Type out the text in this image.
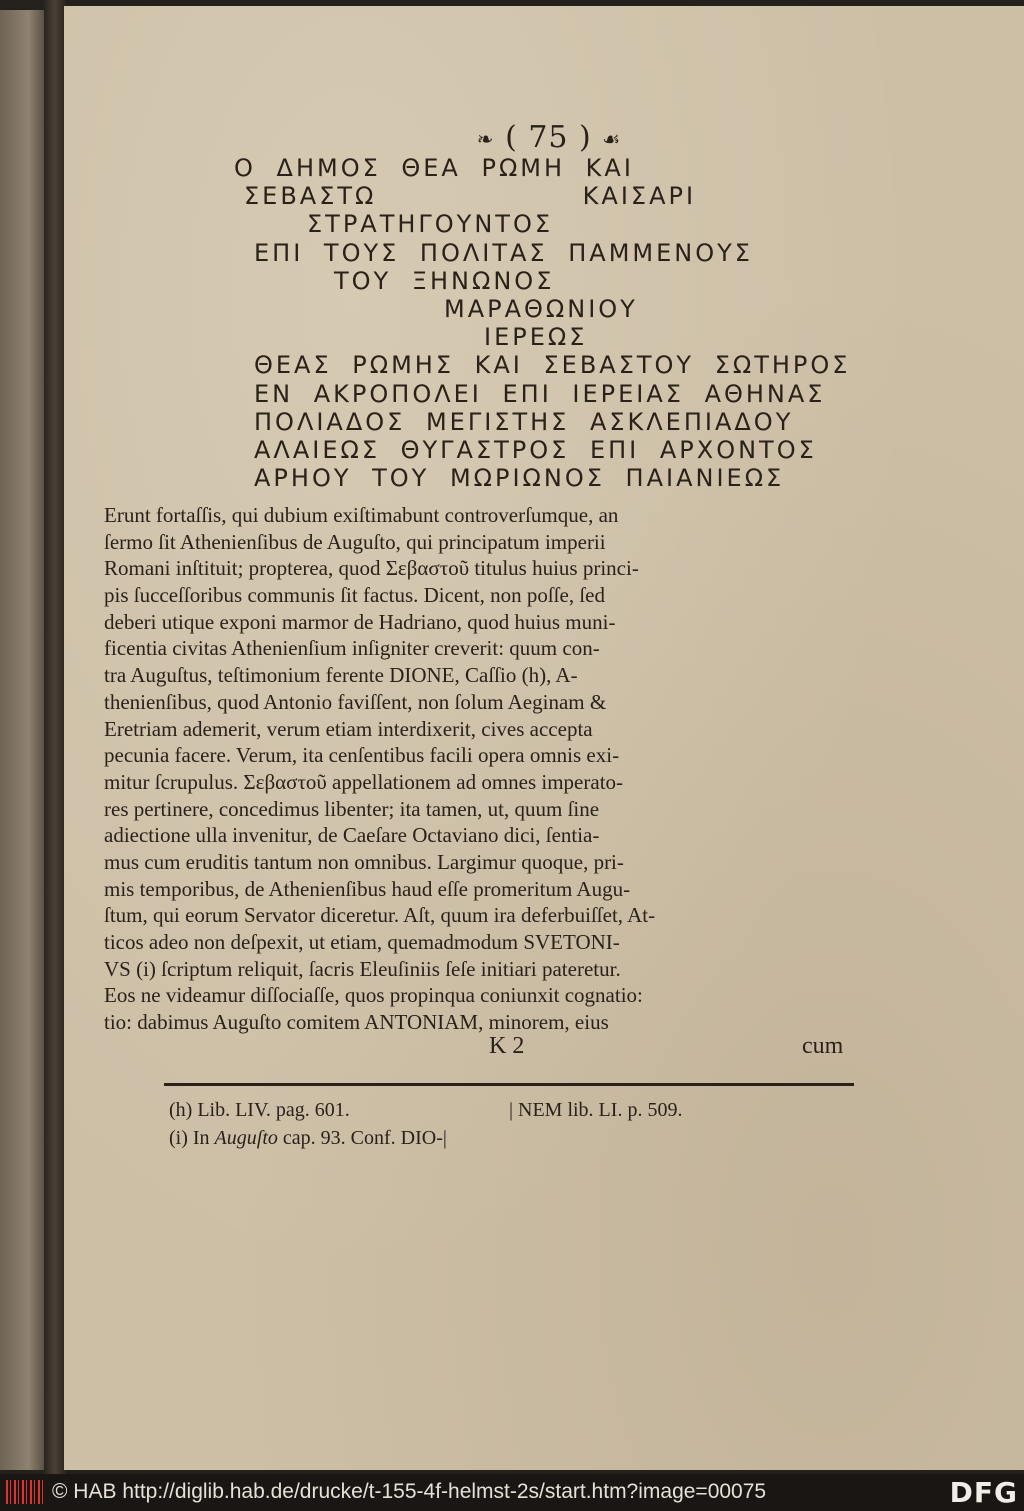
❧ ( 75 ) ☙
Ο ΔΗΜΟΣ ΘΕΑ ΡΩΜΗ ΚΑΙ
ΣΕΒΑΣΤΩ          ΚΑΙΣΑΡΙ
ΣΤΡΑΤΗΓΟΥΝΤΟΣ
ΕΠΙ ΤΟΥΣ ΠΟΛΙΤΑΣ ΠΑΜΜΕΝΟΥΣ
ΤΟΥ ΞΗΝΩΝΟΣ
ΜΑΡΑΘΩΝΙΟΥ
ΙΕΡΕΩΣ
ΘΕΑΣ ΡΩΜΗΣ ΚΑΙ ΣΕΒΑΣΤΟΥ ΣΩΤΗΡΟΣ
ΕΝ ΑΚΡΟΠΟΛΕΙ ΕΠΙ ΙΕΡΕΙΑΣ ΑΘΗΝΑΣ
ΠΟΛΙΑΔΟΣ ΜΕΓΙΣΤΗΣ ΑΣΚΛΕΠΙΑΔΟΥ
ΑΛΑΙΕΩΣ ΘΥΓΑΣΤΡΟΣ ΕΠΙ ΑΡΧΟΝΤΟΣ
ΑΡΗΟΥ ΤΟΥ ΜΩΡΙΩΝΟΣ ΠΑΙΑΝΙΕΩΣ
Erunt fortaſſis, qui dubium exiſtimabunt controverſumque, an
ſermo ſit Athenienſibus de Auguſto, qui principatum imperii
Romani inſtituit; propterea, quod Σεβαστοῦ titulus huius princi-
pis ſucceſſoribus communis ſit factus. Dicent, non poſſe, ſed
deberi utique exponi marmor de Hadriano, quod huius muni-
ficentia civitas Athenienſium inſigniter creverit: quum con-
tra Auguſtus, teſtimonium ferente DIONE, Caſſio (h), A-
thenienſibus, quod Antonio faviſſent, non ſolum Aeginam &
Eretriam ademerit, verum etiam interdixerit, cives accepta
pecunia facere. Verum, ita cenſentibus facili opera omnis exi-
mitur ſcrupulus. Σεβαστοῦ appellationem ad omnes imperato-
res pertinere, concedimus libenter; ita tamen, ut, quum ſine
adiectione ulla invenitur, de Caeſare Octaviano dici, ſentia-
mus cum eruditis tantum non omnibus. Largimur quoque, pri-
mis temporibus, de Athenienſibus haud eſſe promeritum Augu-
ſtum, qui eorum Servator diceretur. Aſt, quum ira deferbuiſſet, At-
ticos adeo non deſpexit, ut etiam, quemadmodum SVETONI-
VS (i) ſcriptum reliquit, ſacris Eleuſiniis ſeſe initiari pateretur.
Eos ne videamur diſſociaſſe, quos propinqua coniunxit cognatio:
tio: dabimus Auguſto comitem ANTONIAM, minorem, eius
K 2	cum
(h) Lib. LIV. pag. 601.	| NEM lib. LI. p. 509.
(i) In Auguſto cap. 93. Conf. DIO-|
© HAB http://diglib.hab.de/drucke/t-155-4f-helmst-2s/start.htm?image=00075	DFG
